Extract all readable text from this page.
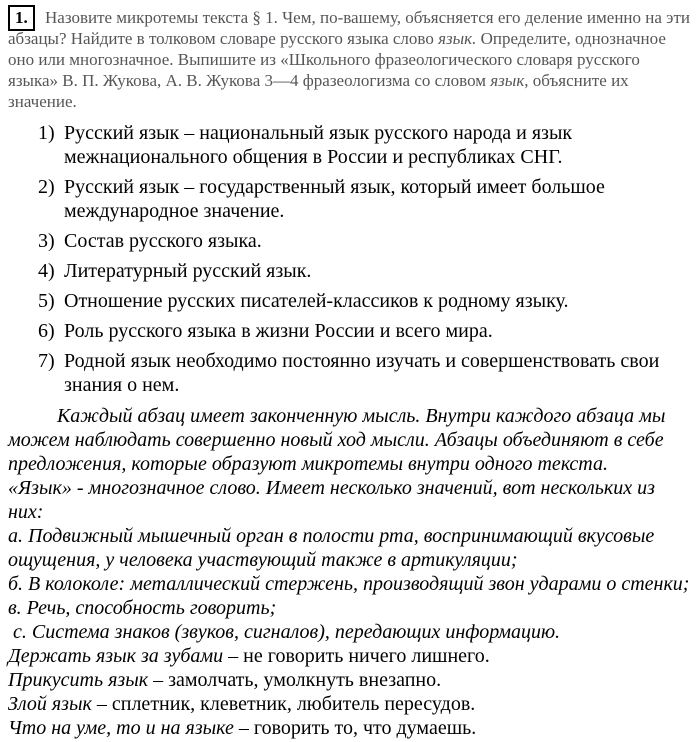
1.	Назовите микротемы текста § 1. Чем, по-вашему, объясняется его деление именно на эти
абзацы? Найдите в толковом словаре русского языка слово язык. Определите, однозначное
оно или многозначное. Выпишите из «Школьного фразеологического словаря русского
языка» В. П. Жукова, А. В. Жукова 3—4 фразеологизма со словом язык, объясните их
значение.
1) Русский язык – национальный язык русского народа и язык межнационального общения в России и республиках СНГ.
2) Русский язык – государственный язык, который имеет большое международное значение.
3) Состав русского языка.
4) Литературный русский язык.
5) Отношение русских писателей-классиков к родному языку.
6) Роль русского языка в жизни России и всего мира.
7) Родной язык необходимо постоянно изучать и совершенствовать свои знания о нем.
Каждый абзац имеет законченную мысль. Внутри каждого абзаца мы
можем наблюдать совершенно новый ход мысли. Абзацы объединяют в себе
предложения, которые образуют микротемы внутри одного текста.
«Язык» - многозначное слово. Имеет несколько значений, вот нескольких из
них:
а. Подвижный мышечный орган в полости рта, воспринимающий вкусовые
ощущения, у человека участвующий также в артикуляции;
б. В колоколе: металлический стержень, производящий звон ударами о стенки;
в. Речь, способность говорить;
с. Система знаков (звуков, сигналов), передающих информацию.
Держать язык за зубами – не говорить ничего лишнего.
Прикусить язык – замолчать, умолкнуть внезапно.
Злой язык – сплетник, клеветник, любитель пересудов.
Что на уме, то и на языке – говорить то, что думаешь.
